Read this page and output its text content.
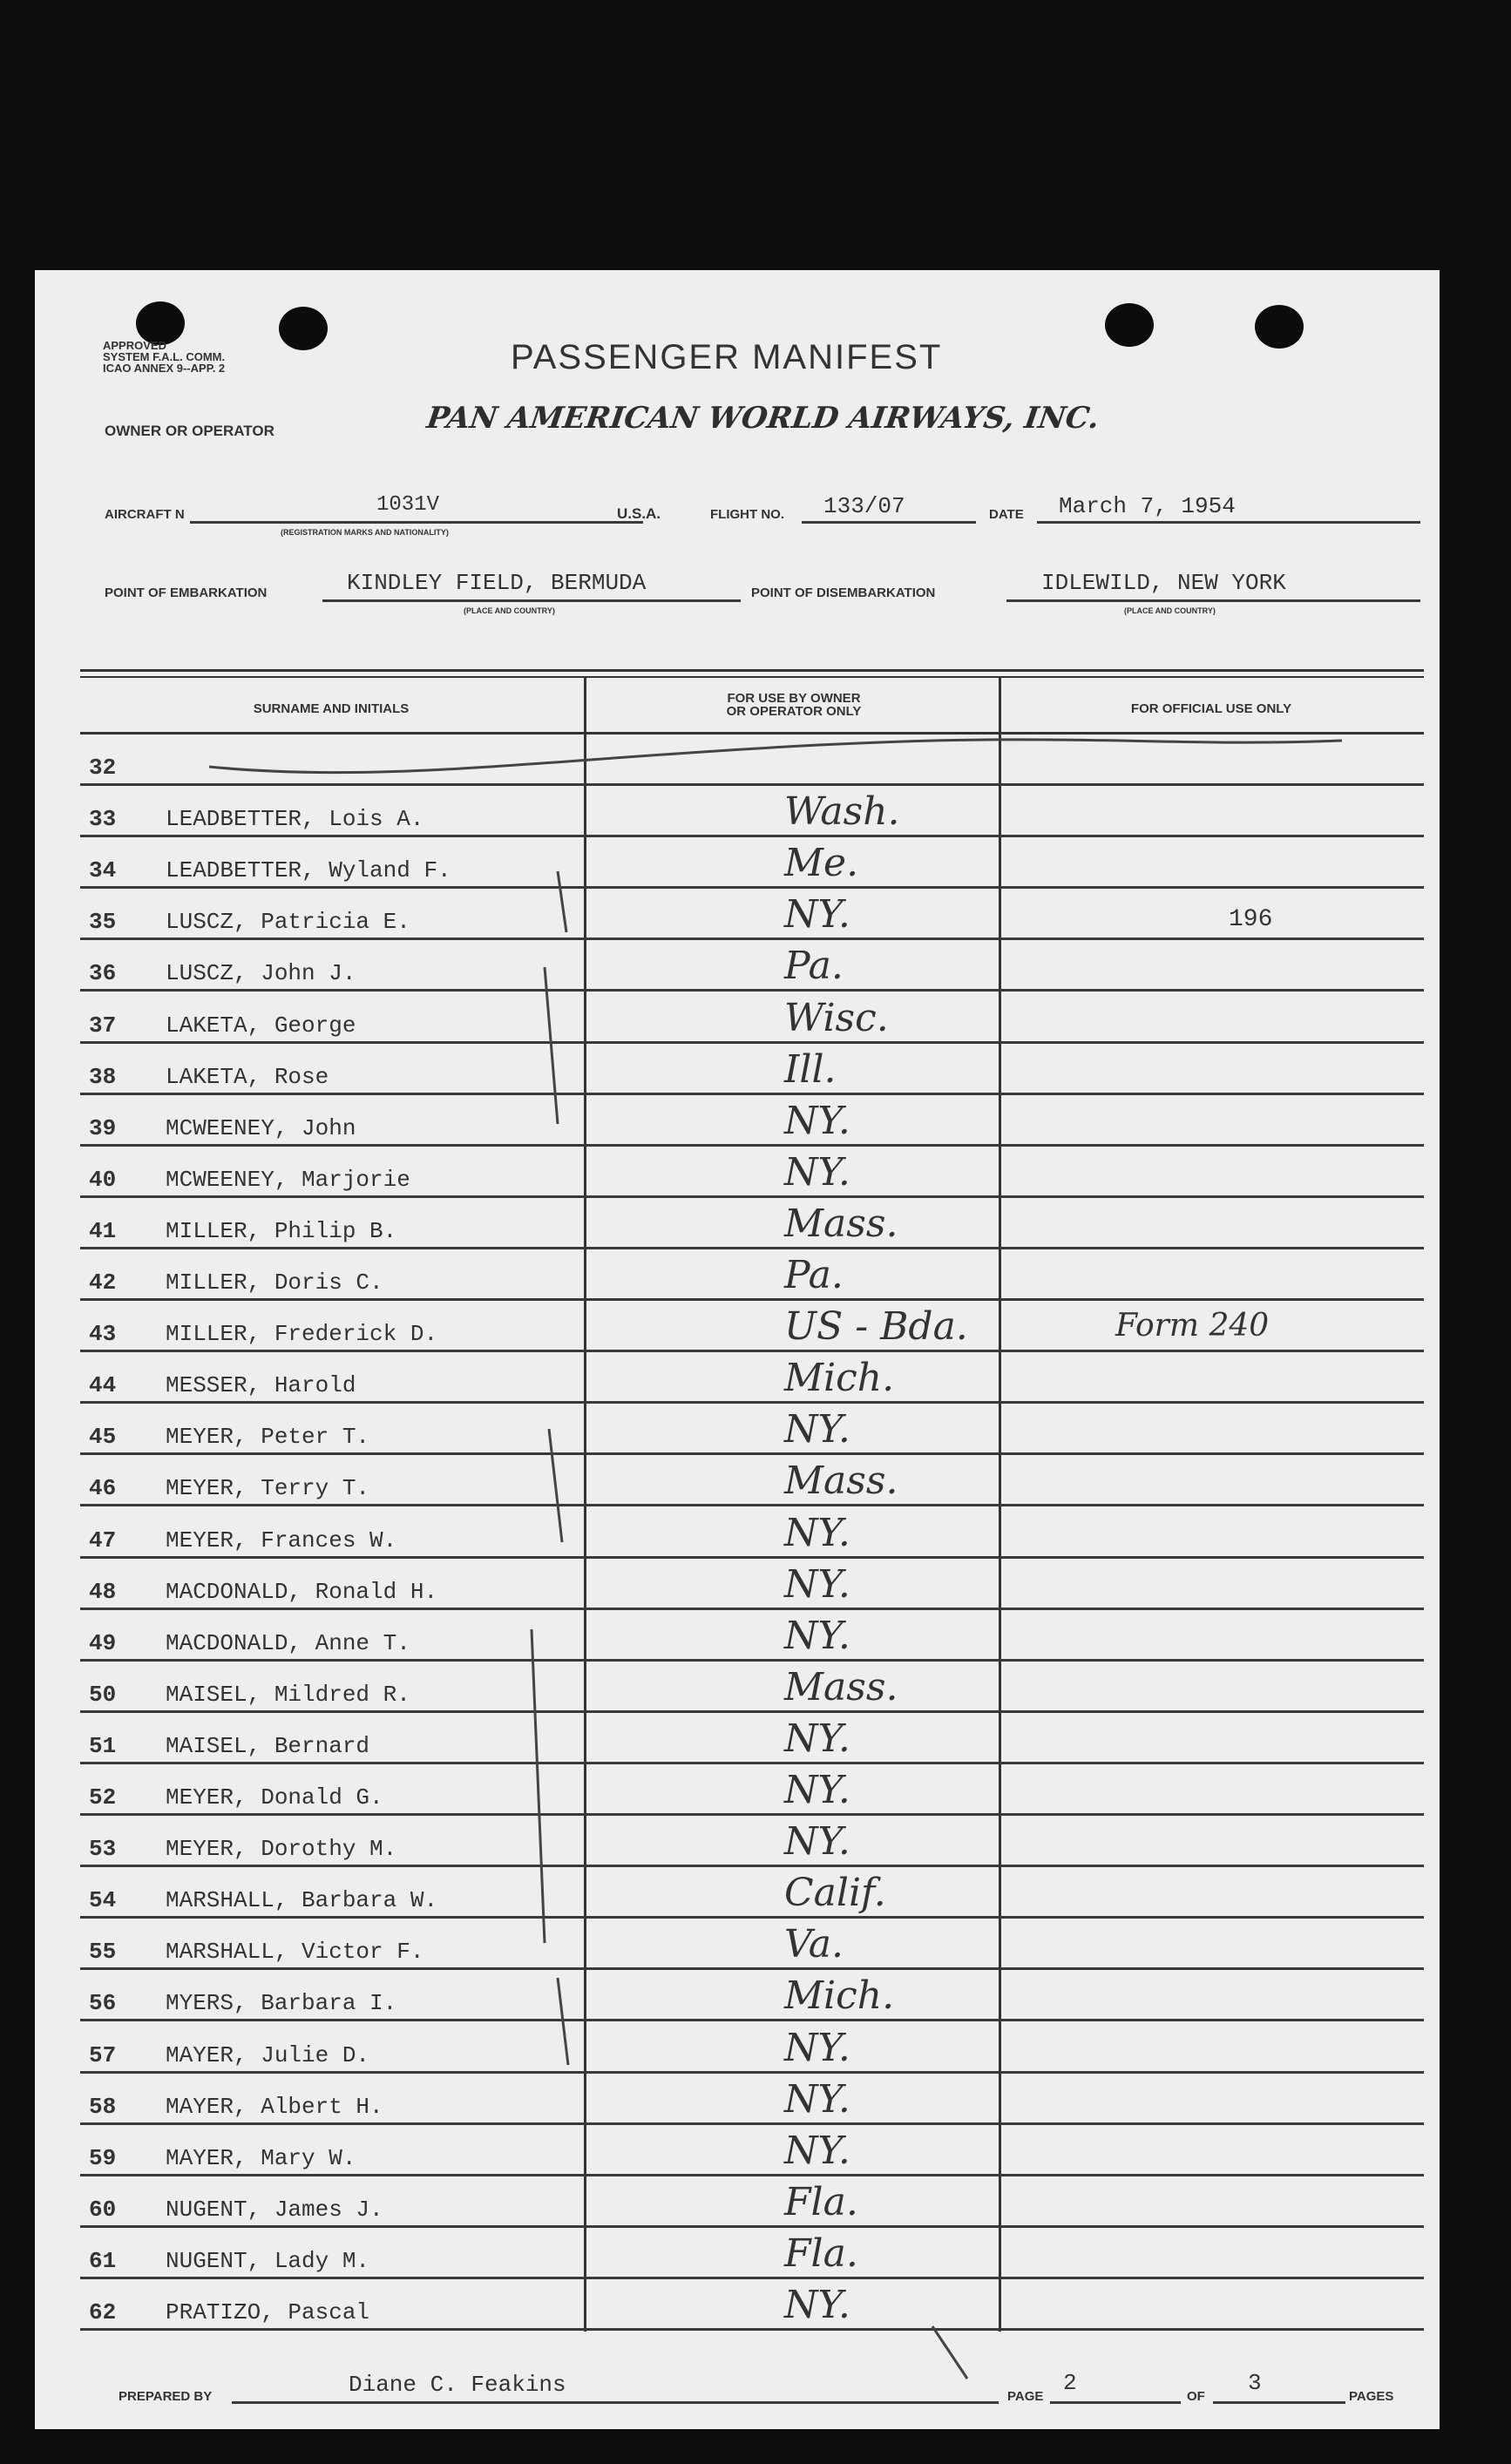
APPROVED
SYSTEM F.A.L. COMM.
ICAO ANNEX 9--APP. 2	PASSENGER MANIFEST
OWNER OR OPERATOR	PAN AMERICAN WORLD AIRWAYS, INC.
AIRCRAFT N	1031V
(REGISTRATION MARKS AND NATIONALITY)
U.S.A.	FLIGHT NO. 133/07	DATE March 7, 1954
POINT OF EMBARKATION	KINDLEY FIELD, BERMUDA
(PLACE AND COUNTRY)
POINT OF DISEMBARKATION	IDLEWILD, NEW YORK
(PLACE AND COUNTRY)
SURNAME AND INITIALS
FOR USE BY OWNER
OR OPERATOR ONLY	FOR OFFICIAL USE ONLY
32
33 LEADBETTER, Lois A.	Wash.
34 LEADBETTER, Wyland F.	Me.
35 LUSCZ, Patricia E.	NY.	196
36 LUSCZ, John J.	Pa.
37 LAKETA, George	Wisc.
38 LAKETA, Rose	Ill.
39 MCWEENEY, John	NY.
40 MCWEENEY, Marjorie	NY.
41 MILLER, Philip B.	Mass.
42 MILLER, Doris C.	Pa.
43 MILLER, Frederick D.	US - Bda.	Form 240
44 MESSER, Harold	Mich.
45 MEYER, Peter T.	NY.
46 MEYER, Terry T.	Mass.
47 MEYER, Frances W.	NY.
48 MACDONALD, Ronald H.	NY.
49 MACDONALD, Anne T.	NY.
50 MAISEL, Mildred R.	Mass.
51 MAISEL, Bernard	NY.
52 MEYER, Donald G.	NY.
53 MEYER, Dorothy M.	NY.
54 MARSHALL, Barbara W.	Calif.
55 MARSHALL, Victor F.	Va.
56 MYERS, Barbara I.	Mich.
57 MAYER, Julie D.	NY.
58 MAYER, Albert H.	NY.
59 MAYER, Mary W.	NY.
60 NUGENT, James J.	Fla.
61 NUGENT, Lady M.	Fla.
62 PRATIZO, Pascal	NY.
PREPARED BY	Diane C. Feakins	PAGE
2
OF
3
PAGES
